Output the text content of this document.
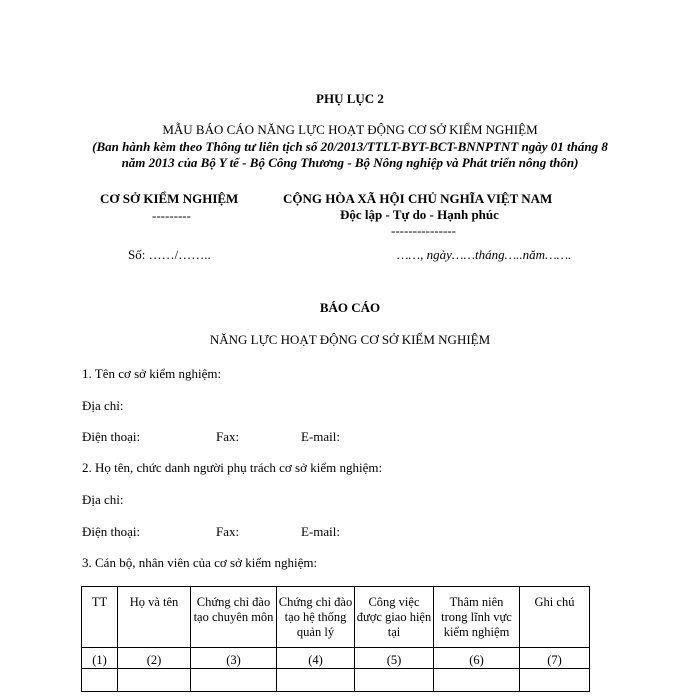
PHỤ LỤC 2
MẪU BÁO CÁO NĂNG LỰC HOẠT ĐỘNG CƠ SỞ KIỂM NGHIỆM
(Ban hành kèm theo Thông tư liên tịch số 20/2013/TTLT-BYT-BCT-BNNPTNT ngày 01 tháng 8
năm 2013 của Bộ Y tế - Bộ Công Thương - Bộ Nông nghiệp và Phát triển nông thôn)
CƠ SỞ KIỂM NGHIỆM
---------
CỘNG HÒA XÃ HỘI CHỦ NGHĨA VIỆT NAM
Độc lập - Tự do - Hạnh phúc
---------------
Số: ……/……..	……, ngày……tháng…..năm…….
BÁO CÁO
NĂNG LỰC HOẠT ĐỘNG CƠ SỞ KIỂM NGHIỆM
1. Tên cơ sở kiểm nghiệm:
Địa chỉ:
Điện thoại:	Fax:	E-mail:
2. Họ tên, chức danh người phụ trách cơ sở kiểm nghiệm:
Địa chỉ:
Điện thoại:	Fax:	E-mail:
3. Cán bộ, nhân viên của cơ sở kiểm nghiệm:
TT	Họ và tên	Chứng chỉ đào tạo chuyên môn	Chứng chỉ đào tạo hệ thống quản lý	Công việc được giao hiện tại	Thâm niên trong lĩnh vực kiểm nghiệm	Ghi chú
(1)	(2)	(3)	(4)	(5)	(6)	(7)
